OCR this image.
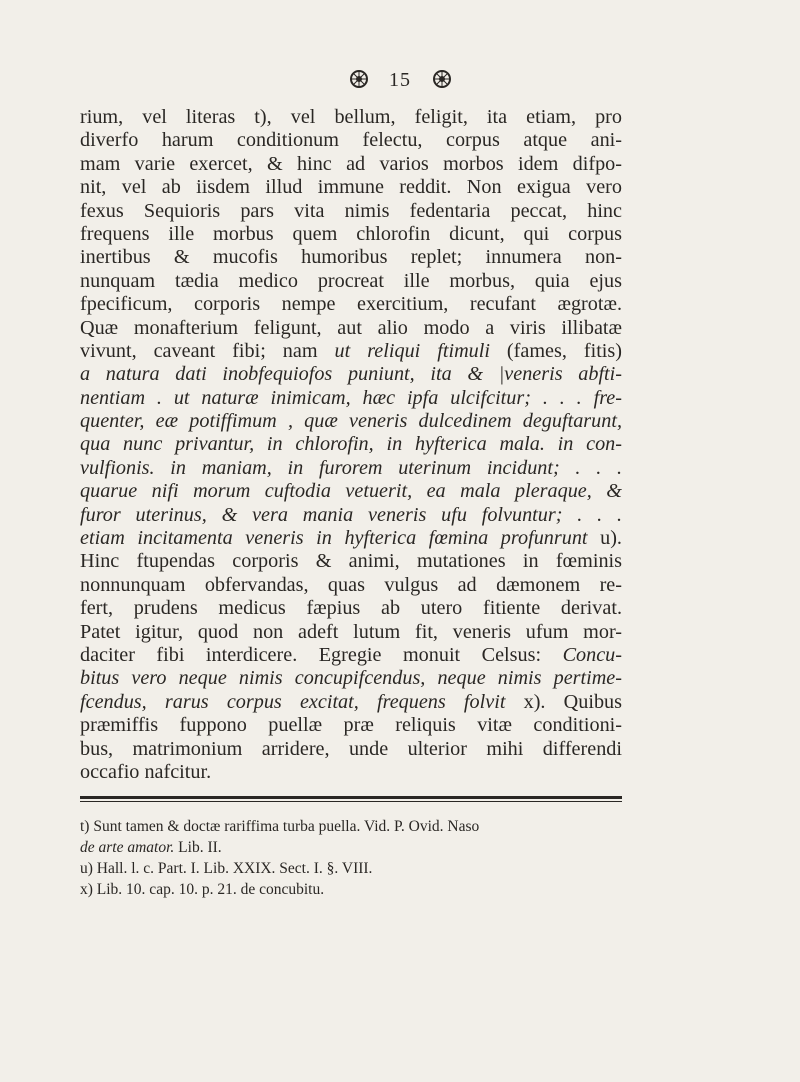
15
rium, vel literas t), vel bellum, feligit, ita etiam, pro
diverfo harum conditionum felectu, corpus atque ani-
mam varie exercet, & hinc ad varios morbos idem difpo-
nit, vel ab iisdem illud immune reddit. Non exigua vero
fexus Sequioris pars vita nimis fedentaria peccat, hinc
frequens ille morbus quem chlorofin dicunt, qui corpus
inertibus & mucofis humoribus replet; innumera non-
nunquam tædia medico procreat ille morbus, quia ejus
fpecificum, corporis nempe exercitium, recufant ægrotæ.
Quæ monafterium feligunt, aut alio modo a viris illibatæ
vivunt, caveant fibi; nam ut reliqui ftimuli (fames, fitis)
a natura dati inobfequiofos puniunt, ita & |veneris abfti-
nentiam . ut naturæ inimicam, hæc ipfa ulcifcitur; . . . fre-
quenter, eæ potiffimum , quæ veneris dulcedinem deguftarunt,
qua nunc privantur, in chlorofin, in hyfterica mala. in con-
vulfionis. in maniam, in furorem uterinum incidunt; . . .
quarue nifi morum cuftodia vetuerit, ea mala pleraque, &
furor uterinus, & vera mania veneris ufu folvuntur; . . .
etiam incitamenta veneris in hyfterica fœmina profunrunt u).
Hinc ftupendas corporis & animi, mutationes in fœminis
nonnunquam obfervandas, quas vulgus ad dæmonem re-
fert, prudens medicus fæpius ab utero fitiente derivat.
Patet igitur, quod non adeft lutum fit, veneris ufum mor-
daciter fibi interdicere. Egregie monuit Celsus: Concu-
bitus vero neque nimis concupifcendus, neque nimis pertime-
fcendus, rarus corpus excitat, frequens folvit x). Quibus
præmiffis fuppono puellæ præ reliquis vitæ conditioni-
bus, matrimonium arridere, unde ulterior mihi differendi
occafio nafcitur.
t) Sunt tamen & doctæ rariffima turba puella. Vid. P. Ovid. Naso
de arte amator. Lib. II.
u) Hall. l. c. Part. I. Lib. XXIX. Sect. I. §. VIII.
x) Lib. 10. cap. 10. p. 21. de concubitu.
